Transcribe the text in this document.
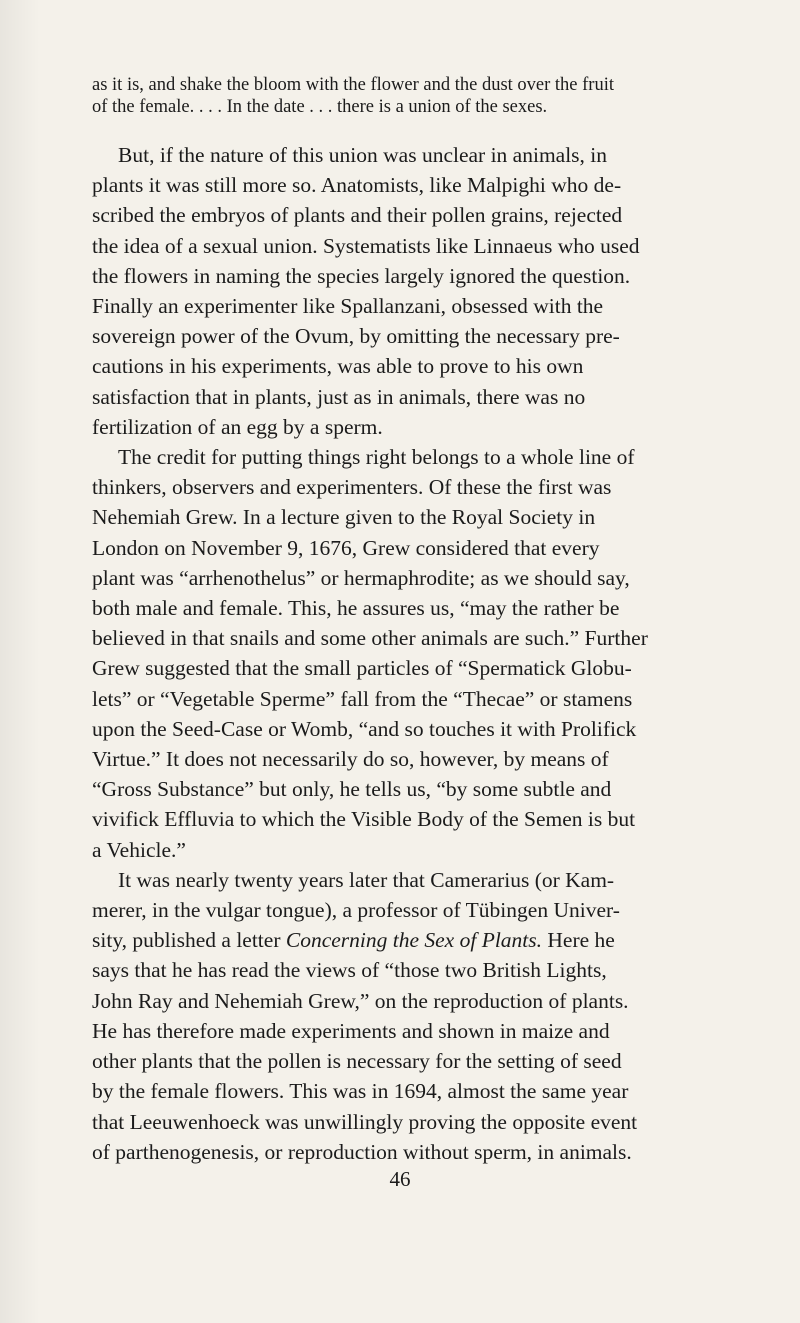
as it is, and shake the bloom with the flower and the dust over the fruit
of the female. . . . In the date . . . there is a union of the sexes.

But, if the nature of this union was unclear in animals, in
plants it was still more so. Anatomists, like Malpighi who de-
scribed the embryos of plants and their pollen grains, rejected
the idea of a sexual union. Systematists like Linnaeus who used
the flowers in naming the species largely ignored the question.
Finally an experimenter like Spallanzani, obsessed with the
sovereign power of the Ovum, by omitting the necessary pre-
cautions in his experiments, was able to prove to his own
satisfaction that in plants, just as in animals, there was no
fertilization of an egg by a sperm.

The credit for putting things right belongs to a whole line of
thinkers, observers and experimenters. Of these the first was
Nehemiah Grew. In a lecture given to the Royal Society in
London on November 9, 1676, Grew considered that every
plant was “arrhenothelus” or hermaphrodite; as we should say,
both male and female. This, he assures us, “may the rather be
believed in that snails and some other animals are such.” Further
Grew suggested that the small particles of “Spermatick Globu-
lets” or “Vegetable Sperme” fall from the “Thecae” or stamens
upon the Seed-Case or Womb, “and so touches it with Prolifick
Virtue.” It does not necessarily do so, however, by means of
“Gross Substance” but only, he tells us, “by some subtle and
vivifick Effluvia to which the Visible Body of the Semen is but
a Vehicle.”

It was nearly twenty years later that Camerarius (or Kam-
merer, in the vulgar tongue), a professor of Tübingen Univer-
sity, published a letter Concerning the Sex of Plants. Here he
says that he has read the views of “those two British Lights,
John Ray and Nehemiah Grew,” on the reproduction of plants.
He has therefore made experiments and shown in maize and
other plants that the pollen is necessary for the setting of seed
by the female flowers. This was in 1694, almost the same year
that Leeuwenhoeck was unwillingly proving the opposite event
of parthenogenesis, or reproduction without sperm, in animals.

46
